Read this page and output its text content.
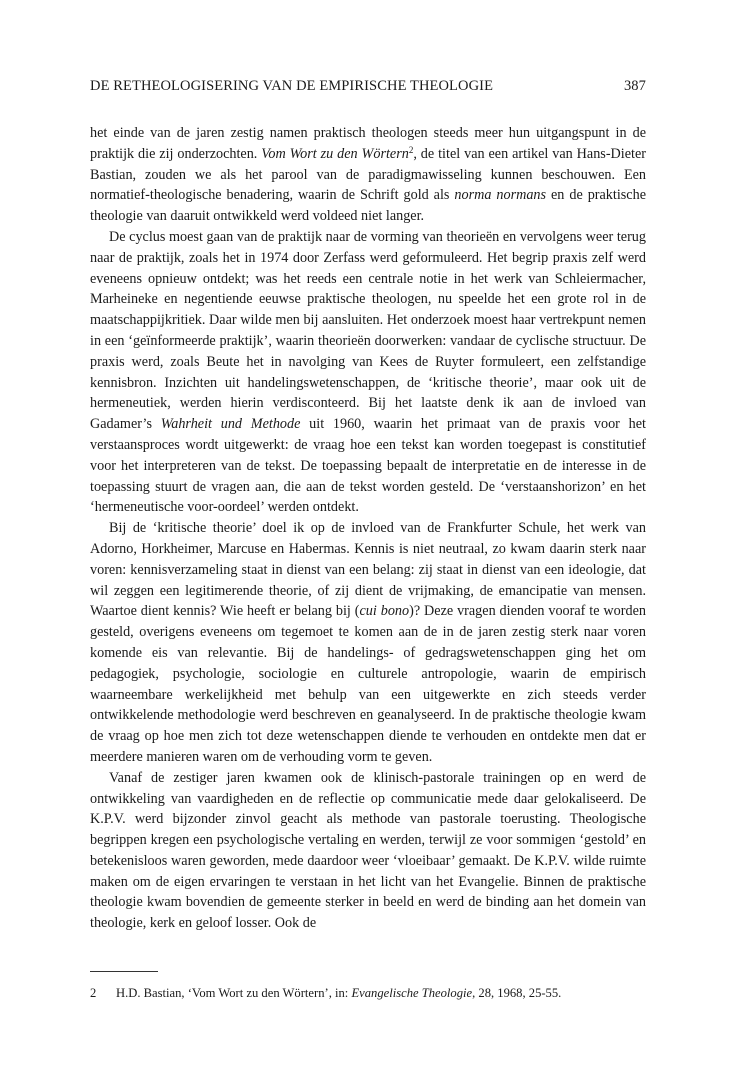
DE RETHEOLOGISERING VAN DE EMPIRISCHE THEOLOGIE	387

het einde van de jaren zestig namen praktisch theologen steeds meer hun uitgangspunt in de praktijk die zij onderzochten. Vom Wort zu den Wörtern$^2$, de titel van een artikel van Hans-Dieter Bastian, zouden we als het parool van de paradigmawisseling kunnen beschouwen. Een normatief-theologische benadering, waarin de Schrift gold als norma normans en de praktische theologie van daaruit ontwikkeld werd voldeed niet langer.

De cyclus moest gaan van de praktijk naar de vorming van theorieën en vervolgens weer terug naar de praktijk, zoals het in 1974 door Zerfass werd geformuleerd. Het begrip praxis zelf werd eveneens opnieuw ontdekt; was het reeds een centrale notie in het werk van Schleiermacher, Marheineke en negentiende eeuwse praktische theologen, nu speelde het een grote rol in de maatschappijkritiek. Daar wilde men bij aansluiten. Het onderzoek moest haar vertrekpunt nemen in een ‘geïnformeerde praktijk’, waarin theorieën doorwerken: vandaar de cyclische structuur. De praxis werd, zoals Beute het in navolging van Kees de Ruyter formuleert, een zelfstandige kennisbron. Inzichten uit handelingswetenschappen, de ‘kritische theorie’, maar ook uit de hermeneutiek, werden hierin verdisconteerd. Bij het laatste denk ik aan de invloed van Gadamer’s Wahrheit und Methode uit 1960, waarin het primaat van de praxis voor het verstaansproces wordt uitgewerkt: de vraag hoe een tekst kan worden toegepast is constitutief voor het interpreteren van de tekst. De toepassing bepaalt de interpretatie en de interesse in de toepassing stuurt de vragen aan, die aan de tekst worden gesteld. De ‘verstaanshorizon’ en het ‘hermeneutische voor-oordeel’ werden ontdekt.

Bij de ‘kritische theorie’ doel ik op de invloed van de Frankfurter Schule, het werk van Adorno, Horkheimer, Marcuse en Habermas. Kennis is niet neutraal, zo kwam daarin sterk naar voren: kennisverzameling staat in dienst van een belang: zij staat in dienst van een ideologie, dat wil zeggen een legitimerende theorie, of zij dient de vrijmaking, de emancipatie van mensen. Waartoe dient kennis? Wie heeft er belang bij (cui bono)? Deze vragen dienden vooraf te worden gesteld, overigens eveneens om tegemoet te komen aan de in de jaren zestig sterk naar voren komende eis van relevantie. Bij de handelings- of gedragswetenschappen ging het om pedagogiek, psychologie, sociologie en culturele antropologie, waarin de empirisch waarneembare werkelijkheid met behulp van een uitgewerkte en zich steeds verder ontwikkelende methodologie werd beschreven en geanalyseerd. In de praktische theologie kwam de vraag op hoe men zich tot deze wetenschappen diende te verhouden en ontdekte men dat er meerdere manieren waren om de verhouding vorm te geven.

Vanaf de zestiger jaren kwamen ook de klinisch-pastorale trainingen op en werd de ontwikkeling van vaardigheden en de reflectie op communicatie mede daar gelokaliseerd. De K.P.V. werd bijzonder zinvol geacht als methode van pastorale toerusting. Theologische begrippen kregen een psychologische vertaling en werden, terwijl ze voor sommigen ‘gestold’ en betekenisloos waren geworden, mede daardoor weer ‘vloeibaar’ gemaakt. De K.P.V. wilde ruimte maken om de eigen ervaringen te verstaan in het licht van het Evangelie. Binnen de praktische theologie kwam bovendien de gemeente sterker in beeld en werd de binding aan het domein van theologie, kerk en geloof losser. Ook de

2 H.D. Bastian, ‘Vom Wort zu den Wörtern’, in: Evangelische Theologie, 28, 1968, 25-55.
